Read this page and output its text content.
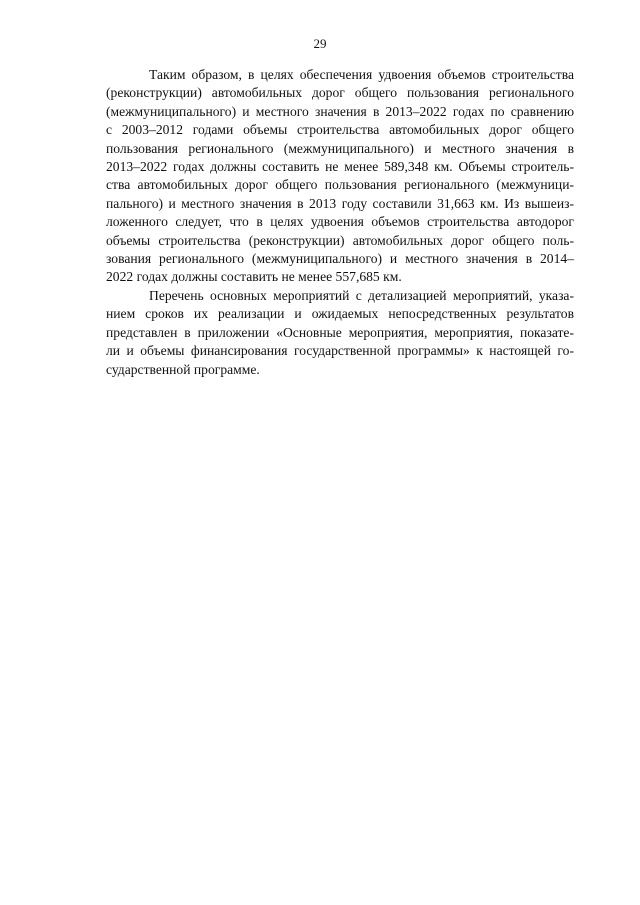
29

Таким образом, в целях обеспечения удвоения объемов строительства
(реконструкции) автомобильных дорог общего пользования регионального
(межмуниципального) и местного значения в 2013–2022 годах по сравнению
с 2003–2012 годами объемы строительства автомобильных дорог общего
пользования регионального (межмуниципального) и местного значения в
2013–2022 годах должны составить не менее 589,348 км. Объемы строитель-
ства автомобильных дорог общего пользования регионального (межмуници-
пального) и местного значения в 2013 году составили 31,663 км. Из вышеиз-
ложенного следует, что в целях удвоения объемов строительства автодорог
объемы строительства (реконструкции) автомобильных дорог общего поль-
зования регионального (межмуниципального) и местного значения в 2014–
2022 годах должны составить не менее 557,685 км.

Перечень основных мероприятий с детализацией мероприятий, указа-
нием сроков их реализации и ожидаемых непосредственных результатов
представлен в приложении «Основные мероприятия, мероприятия, показате-
ли и объемы финансирования государственной программы» к настоящей го-
сударственной программе.
